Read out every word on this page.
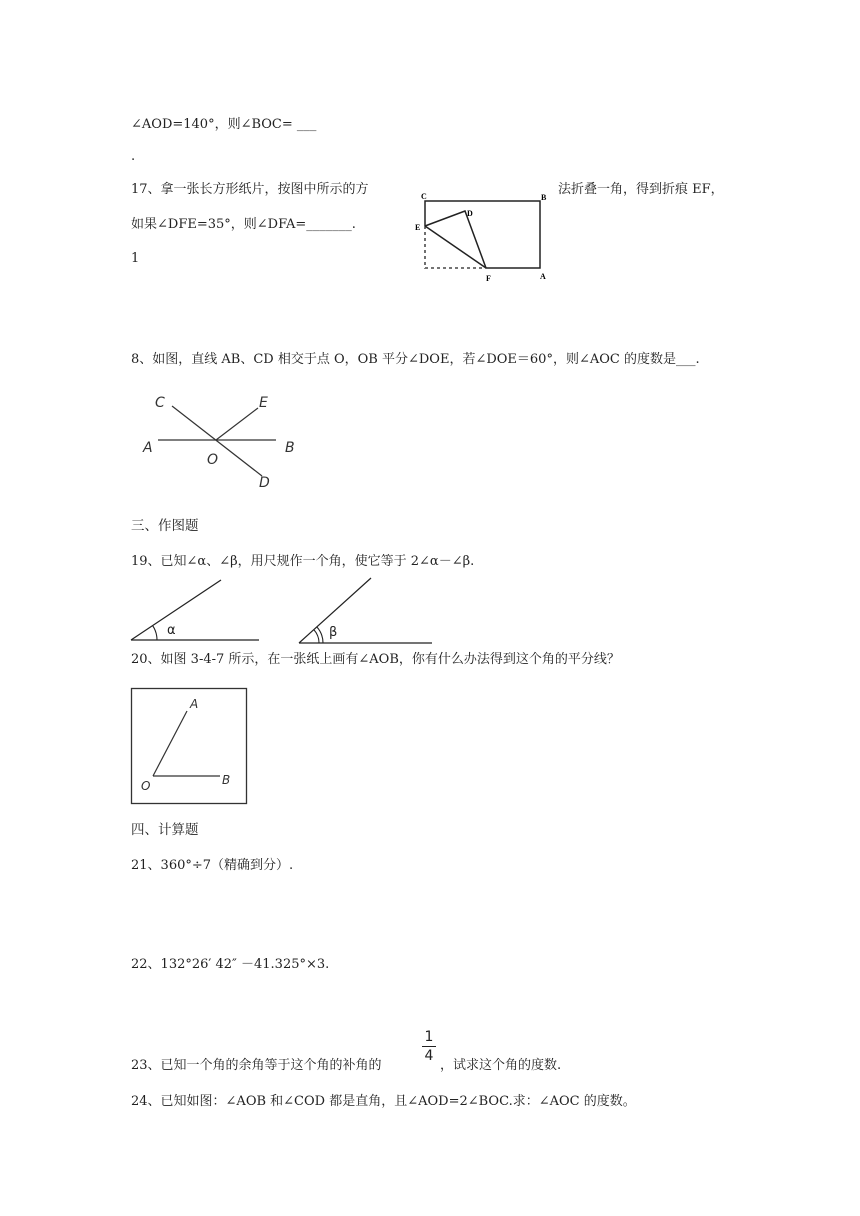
∠AOD=140°，则∠BOC= ___
.
17、拿一张长方形纸片，按图中所示的方	法折叠一角，得到折痕 EF，
如果∠DFE=35°，则∠DFA=_______.
1
C	B
D
E
F	A
8、如图，直线 AB、CD 相交于点 O，OB 平分∠DOE，若∠DOE＝60°，则∠AOC 的度数是___.
C	E
A
O
B
D
三、作图题
19、已知∠α、∠β，用尺规作一个角，使它等于 2∠α－∠β.
α	β
20、如图 3-4-7 所示，在一张纸上画有∠AOB，你有什么办法得到这个角的平分线？
A
O	B
四、计算题
21、360°÷7（精确到分）.
22、132°26′ 42″ －41.325°×3.
23、已知一个角的余角等于这个角的补角的
$\frac{1}{4}$
，试求这个角的度数.
24、已知如图：∠AOB 和∠COD 都是直角，且∠AOD=2∠BOC.求：∠AOC 的度数。
